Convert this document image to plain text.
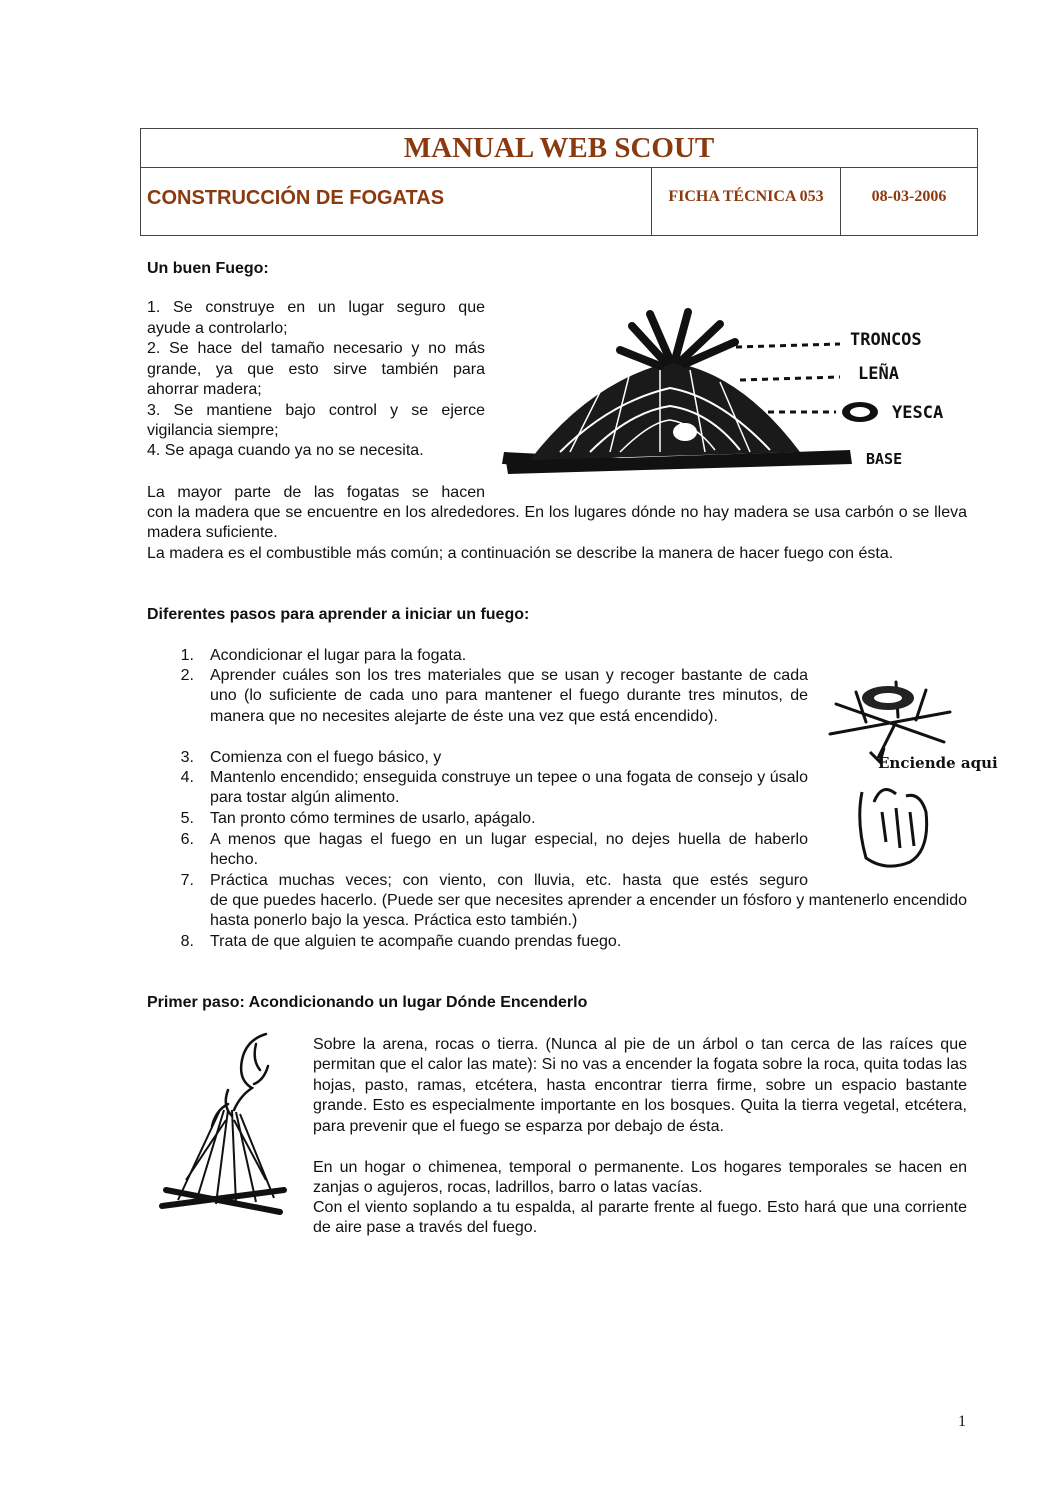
MANUAL WEB SCOUT
CONSTRUCCIÓN DE FOGATAS	FICHA TÉCNICA 053	08-03-2006
Un buen Fuego:
1. Se construye en un lugar seguro que
ayude a controlarlo;
2. Se hace del tamaño necesario y no más
grande, ya que esto sirve también para
ahorrar madera;
3. Se mantiene bajo control y se ejerce
vigilancia siempre;
4. Se apaga cuando ya no se necesita.
TRONCOS
LEÑA
YESCA
BASE
La mayor parte de las fogatas se hacen
con la madera que se encuentre en los alrededores. En los lugares dónde no hay madera se usa carbón o se lleva madera suficiente.
La madera es el combustible más común; a continuación se describe la manera de hacer fuego con ésta.
Diferentes pasos para aprender a iniciar un fuego:
1. Acondicionar el lugar para la fogata.
2. Aprender cuáles son los tres materiales que se usan y recoger bastante de cada uno (lo suficiente de cada uno para mantener el fuego durante tres minutos, de manera que no necesites alejarte de éste una vez que está encendido).
3. Comienza con el fuego básico, y
4. Mantenlo encendido; enseguida construye un tepee o una fogata de consejo y úsalo para tostar algún alimento.
5. Tan pronto cómo termines de usarlo, apágalo.
6. A menos que hagas el fuego en un lugar especial, no dejes huella de haberlo hecho.
7. Práctica muchas veces; con viento, con lluvia, etc. hasta que estés seguro
de que puedes hacerlo. (Puede ser que necesites aprender a encender un fósforo y mantenerlo encendido hasta ponerlo bajo la yesca. Práctica esto también.)
8. Trata de que alguien te acompañe cuando prendas fuego.
Enciende aqui
Primer paso: Acondicionando un lugar Dónde Encenderlo
Sobre la arena, rocas o tierra. (Nunca al pie de un árbol o tan cerca de las raíces que permitan que el calor las mate): Si no vas a encender la fogata sobre la roca, quita todas las hojas, pasto, ramas, etcétera, hasta encontrar tierra firme, sobre un espacio bastante grande. Esto es especialmente importante en los bosques. Quita la tierra vegetal, etcétera, para prevenir que el fuego se esparza por debajo de ésta.
En un hogar o chimenea, temporal o permanente. Los hogares temporales se hacen en zanjas o agujeros, rocas, ladrillos, barro o latas vacías.
Con el viento soplando a tu espalda, al pararte frente al fuego. Esto hará que una corriente de aire pase a través del fuego.
1
